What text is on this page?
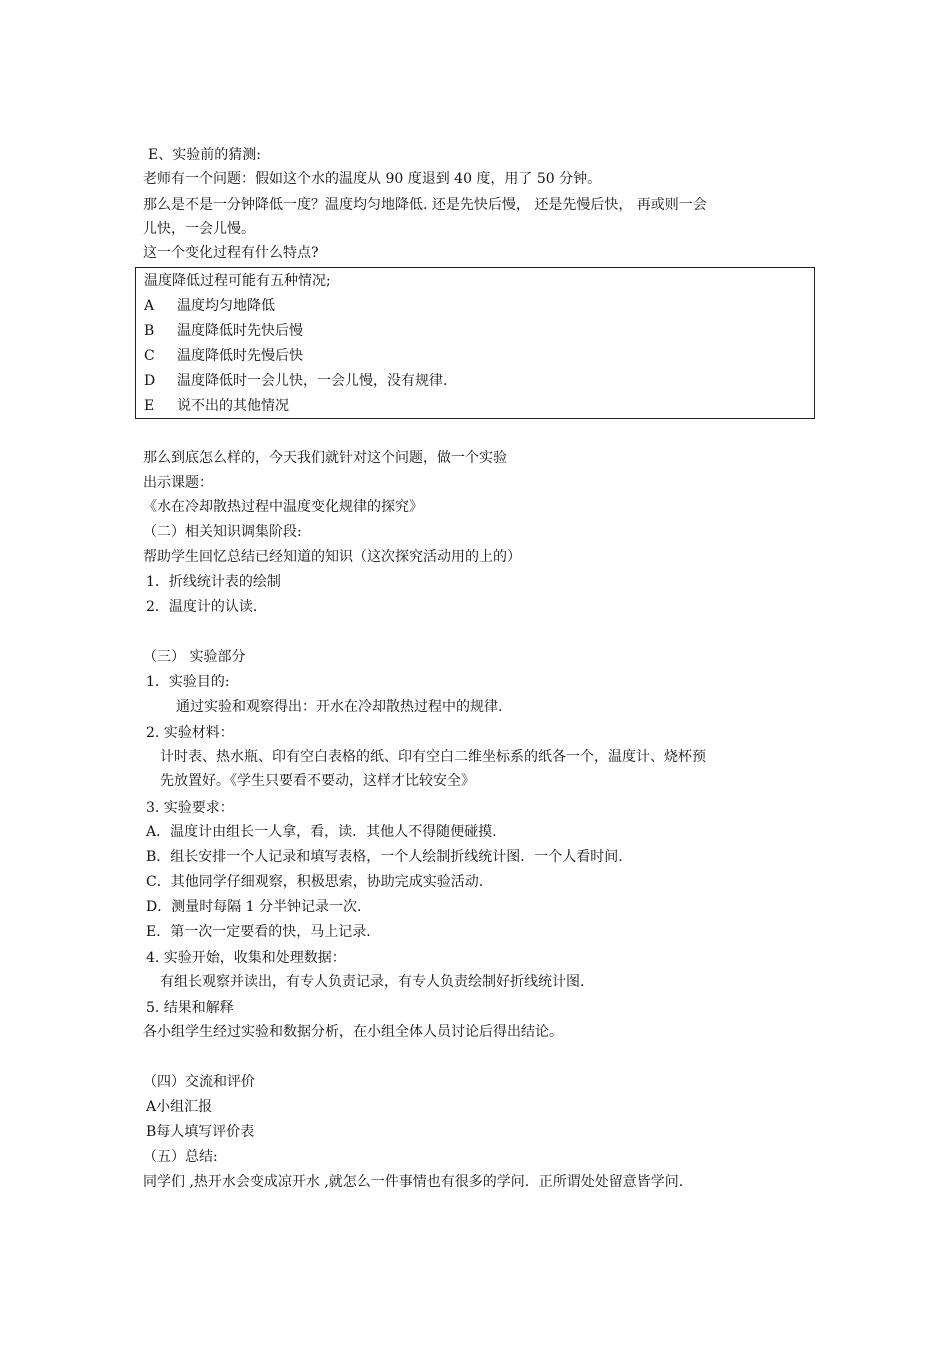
E、实验前的猜测:
老师有一个问题：假如这个水的温度从 90 度退到 40 度，用了 50 分钟。
那么是不是一分钟降低一度？温度均匀地降低. 还是先快后慢， 还是先慢后快， 再或则一会
儿快，一会儿慢。
这一个变化过程有什么特点?
温度降低过程可能有五种情况;
A 温度均匀地降低
B 温度降低时先快后慢
C 温度降低时先慢后快
D 温度降低时一会儿快，一会儿慢，没有规律.
E 说不出的其他情况
那么到底怎么样的，今天我们就针对这个问题，做一个实验
出示课题：
《水在冷却散热过程中温度变化规律的探究》
（二）相关知识调集阶段:
帮助学生回忆总结已经知道的知识（这次探究活动用的上的）
1．折线统计表的绘制
2．温度计的认读.
（三） 实验部分
1．实验目的:
通过实验和观察得出：开水在冷却散热过程中的规律.
2. 实验材料：
计时表、热水瓶、印有空白表格的纸、印有空白二维坐标系的纸各一个，温度计、烧杯预
先放置好。《学生只要看不要动，这样才比较安全》
3. 实验要求：
A．温度计由组长一人拿，看，读．其他人不得随便碰摸.
B．组长安排一个人记录和填写表格，一个人绘制折线统计图．一个人看时间.
C．其他同学仔细观察，积极思索，协助完成实验活动.
D．测量时每隔 1 分半钟记录一次.
E．第一次一定要看的快，马上记录.
4. 实验开始，收集和处理数据：
有组长观察并读出，有专人负责记录，有专人负责绘制好折线统计图.
5. 结果和解释
各小组学生经过实验和数据分析，在小组全体人员讨论后得出结论。
（四）交流和评价
A小组汇报
B每人填写评价表
（五）总结:
同学们 ,热开水会变成凉开水 ,就怎么一件事情也有很多的学问．正所谓处处留意皆学问.
